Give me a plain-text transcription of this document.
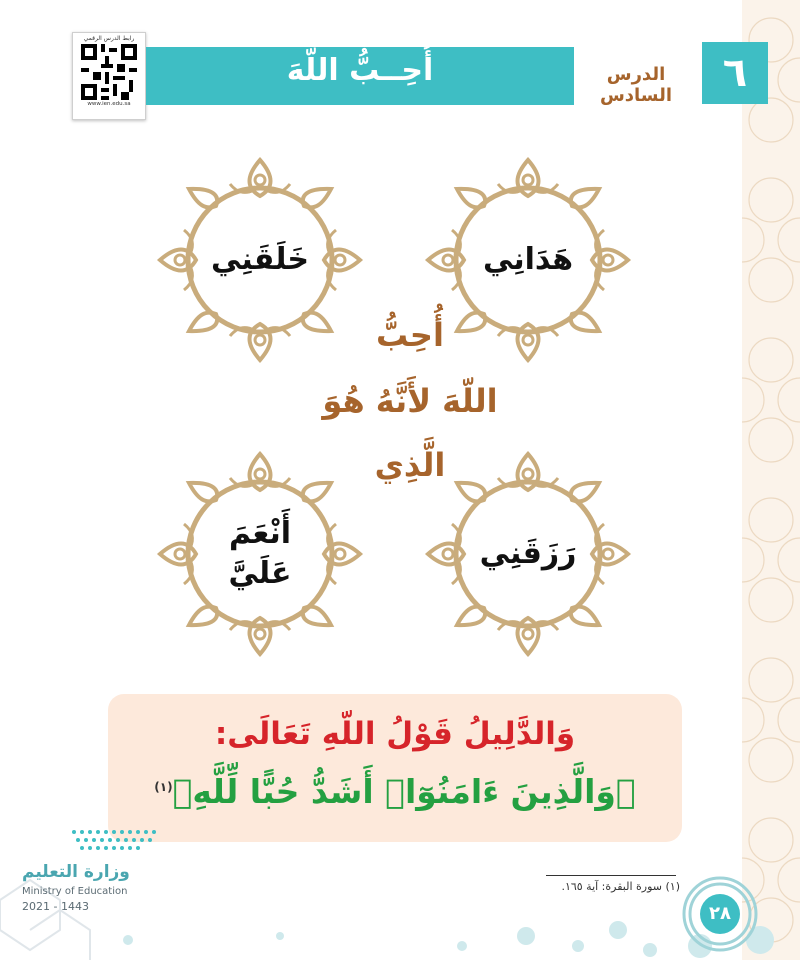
رابط الدرس الرقمي
www.ien.edu.sa
أُحِــبُّ اللّهَ	الدرس السادس	٦
هَدَانِي
خَلَقَنِي
رَزَقَنِي
أَنْعَمَ
عَلَيَّ
أُحِبُّ
اللّهَ لأَنَّهُ هُوَ
الَّذِي
وَالدَّلِيلُ قَوْلُ اللّهِ تَعَالَى:
﴿وَالَّذِينَ ءَامَنُوٓا۟ أَشَدُّ حُبًّا لِّلَّهِ﴾$^{(١)}$
(١) سورة البقرة: آية ١٦٥.
٢٨
وزارة التعليم
Ministry of Education
2021 - 1443
